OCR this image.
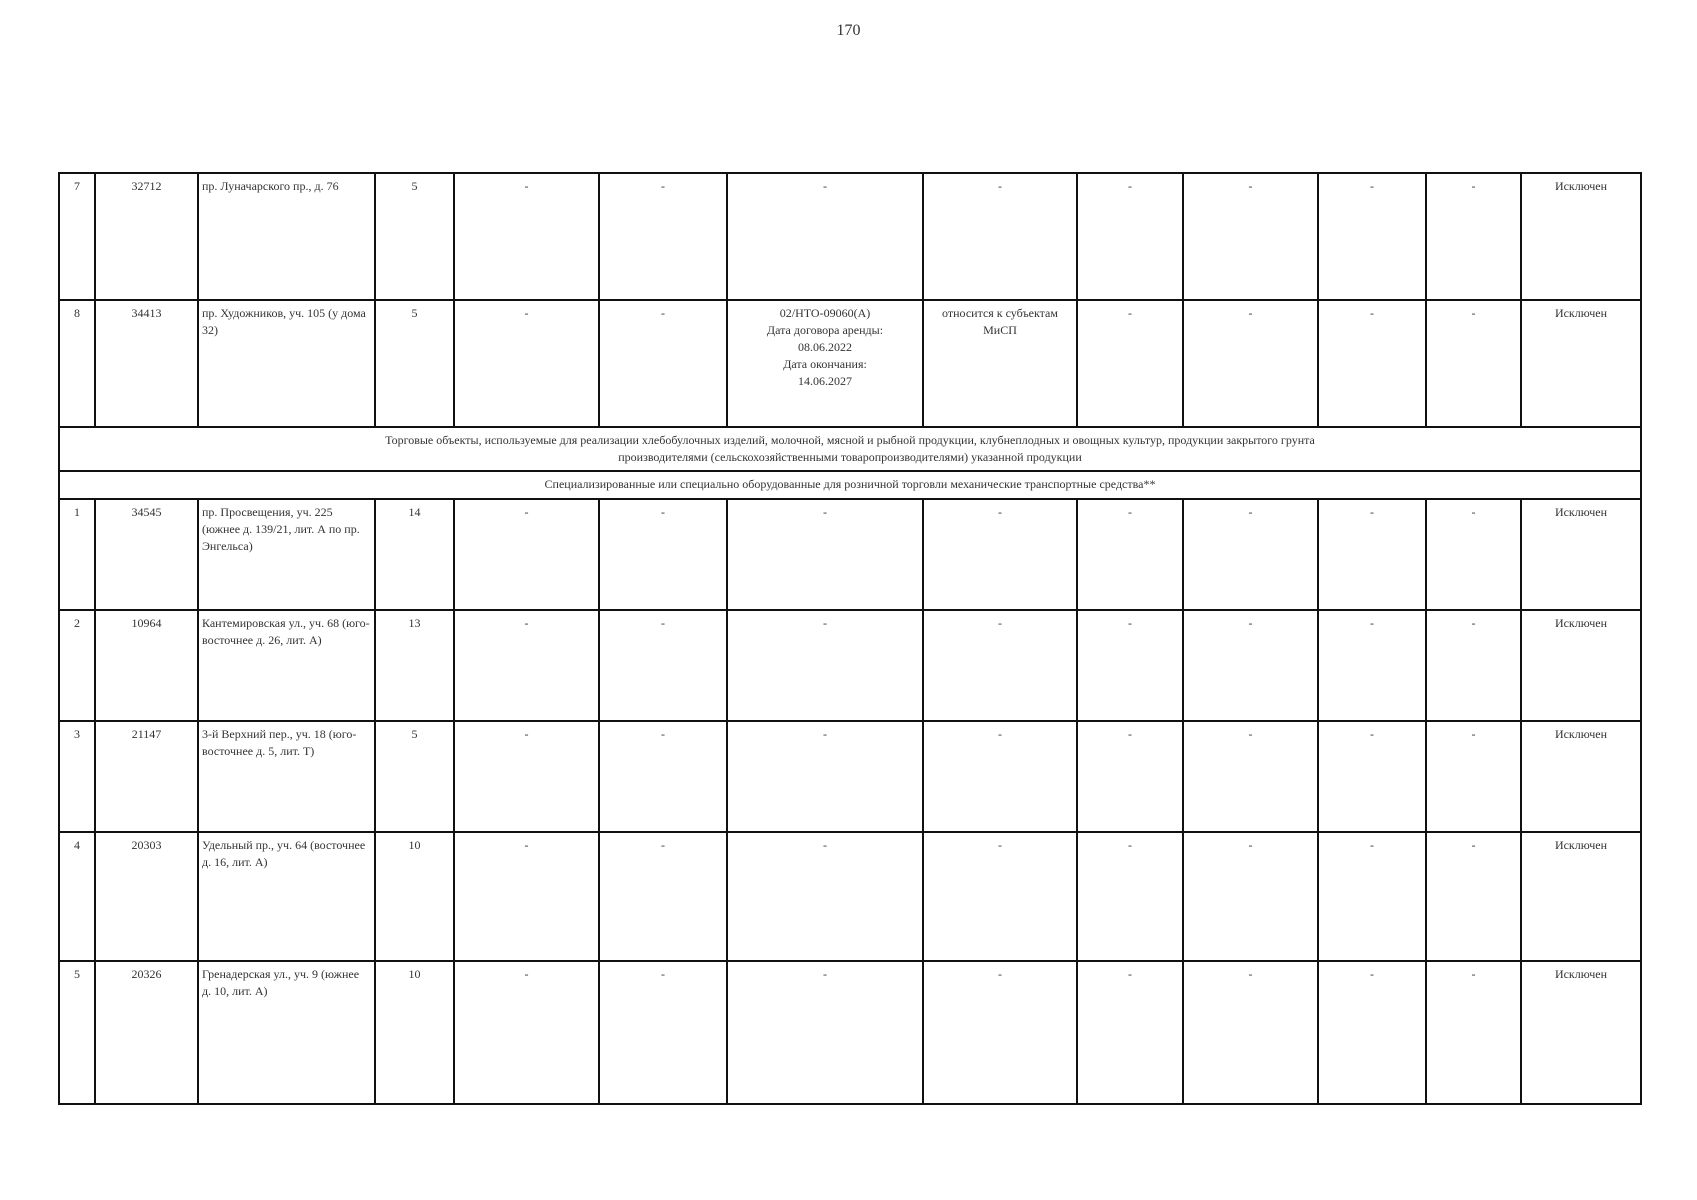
170
7	32712	пр. Луначарского пр., д. 76	5	-	-	-	-	-	-	-	-	Исключен
8	34413	пр. Художников, уч. 105 (у дома 32)	5	-	-	02/НТО-09060(А)
Дата договора аренды:
08.06.2022
Дата окончания:
14.06.2027	относится к субъектам
МиСП	-	-	-	-	Исключен

Торговые объекты, используемые для реализации хлебобулочных изделий, молочной, мясной и рыбной продукции, клубнеплодных и овощных культур, продукции закрытого грунта
производителями (сельскохозяйственными товаропроизводителями) указанной продукции												

Специализированные или специально оборудованные для розничной торговли механические транспортные средства**												
1	34545	пр. Просвещения, уч. 225 (южнее д. 139/21, лит. А по пр. Энгельса)	14	-	-	-	-	-	-	-	-	Исключен
2	10964	Кантемировская ул., уч. 68 (юго-восточнее д. 26, лит. А)	13	-	-	-	-	-	-	-	-	Исключен
3	21147	3-й Верхний пер., уч. 18 (юго-восточнее д. 5, лит. Т)	5	-	-	-	-	-	-	-	-	Исключен
4	20303	Удельный пр., уч. 64 (восточнее д. 16, лит. А)	10	-	-	-	-	-	-	-	-	Исключен
5	20326	Гренадерская ул., уч. 9 (южнее д. 10, лит. А)	10	-	-	-	-	-	-	-	-	Исключен
